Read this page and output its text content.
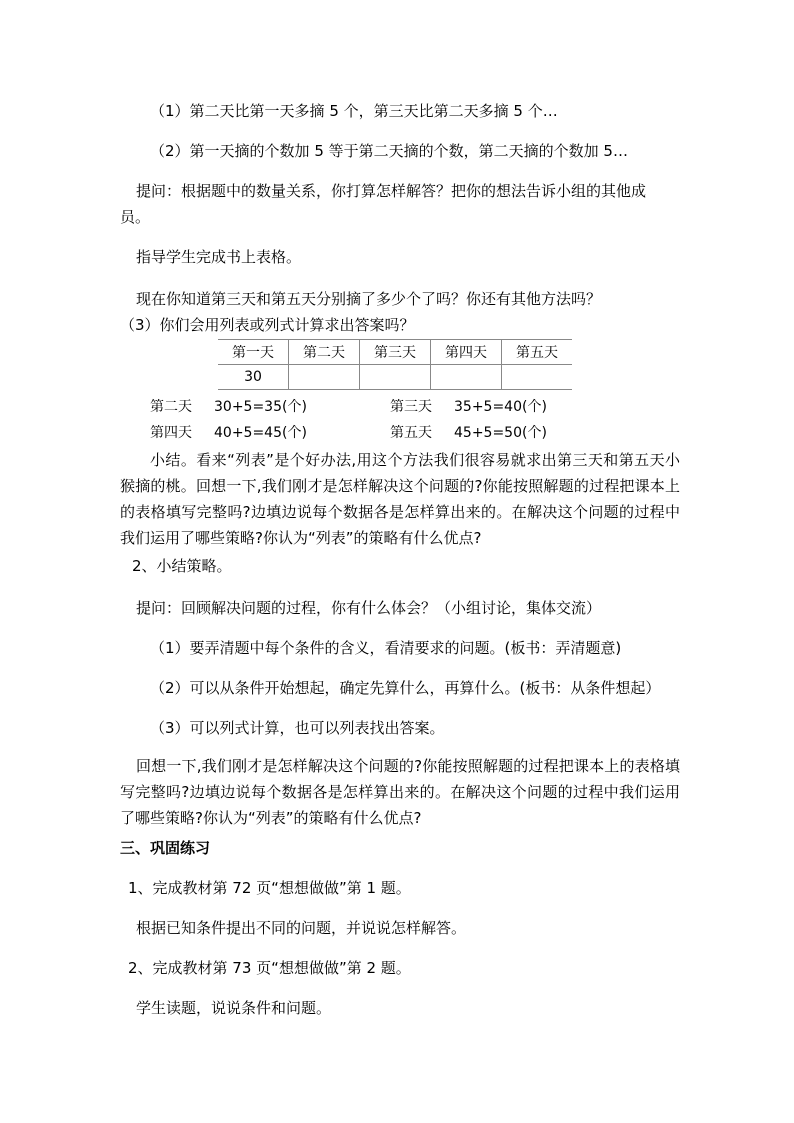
（1）第二天比第一天多摘 5 个，第三天比第二天多摘 5 个…
（2）第一天摘的个数加 5 等于第二天摘的个数，第二天摘的个数加 5…
提问：根据题中的数量关系，你打算怎样解答？把你的想法告诉小组的其他成
员。
指导学生完成书上表格。
现在你知道第三天和第五天分别摘了多少个了吗？你还有其他方法吗？
（3）你们会用列表或列式计算求出答案吗？
第一天	第二天	第三天	第四天	第五天
30				
第二天 30+5=35(个)	第三天 35+5=40(个)
第四天 40+5=45(个)	第五天 45+5=50(个)
小结。看来“列表”是个好办法,用这个方法我们很容易就求出第三天和第五天小猴摘的桃。回想一下,我们刚才是怎样解决这个问题的?你能按照解题的过程把课本上的表格填写完整吗?边填边说每个数据各是怎样算出来的。在解决这个问题的过程中我们运用了哪些策略?你认为“列表”的策略有什么优点?
2、小结策略。
提问：回顾解决问题的过程，你有什么体会？（小组讨论，集体交流）
（1）要弄清题中每个条件的含义，看清要求的问题。(板书：弄清题意)
（2）可以从条件开始想起，确定先算什么，再算什么。(板书：从条件想起）
（3）可以列式计算，也可以列表找出答案。
回想一下,我们刚才是怎样解决这个问题的?你能按照解题的过程把课本上的表格填写完整吗?边填边说每个数据各是怎样算出来的。在解决这个问题的过程中我们运用了哪些策略?你认为“列表”的策略有什么优点?
三、巩固练习
1、完成教材第 72 页“想想做做”第 1 题。
根据已知条件提出不同的问题，并说说怎样解答。
2、完成教材第 73 页“想想做做”第 2 题。
学生读题，说说条件和问题。
